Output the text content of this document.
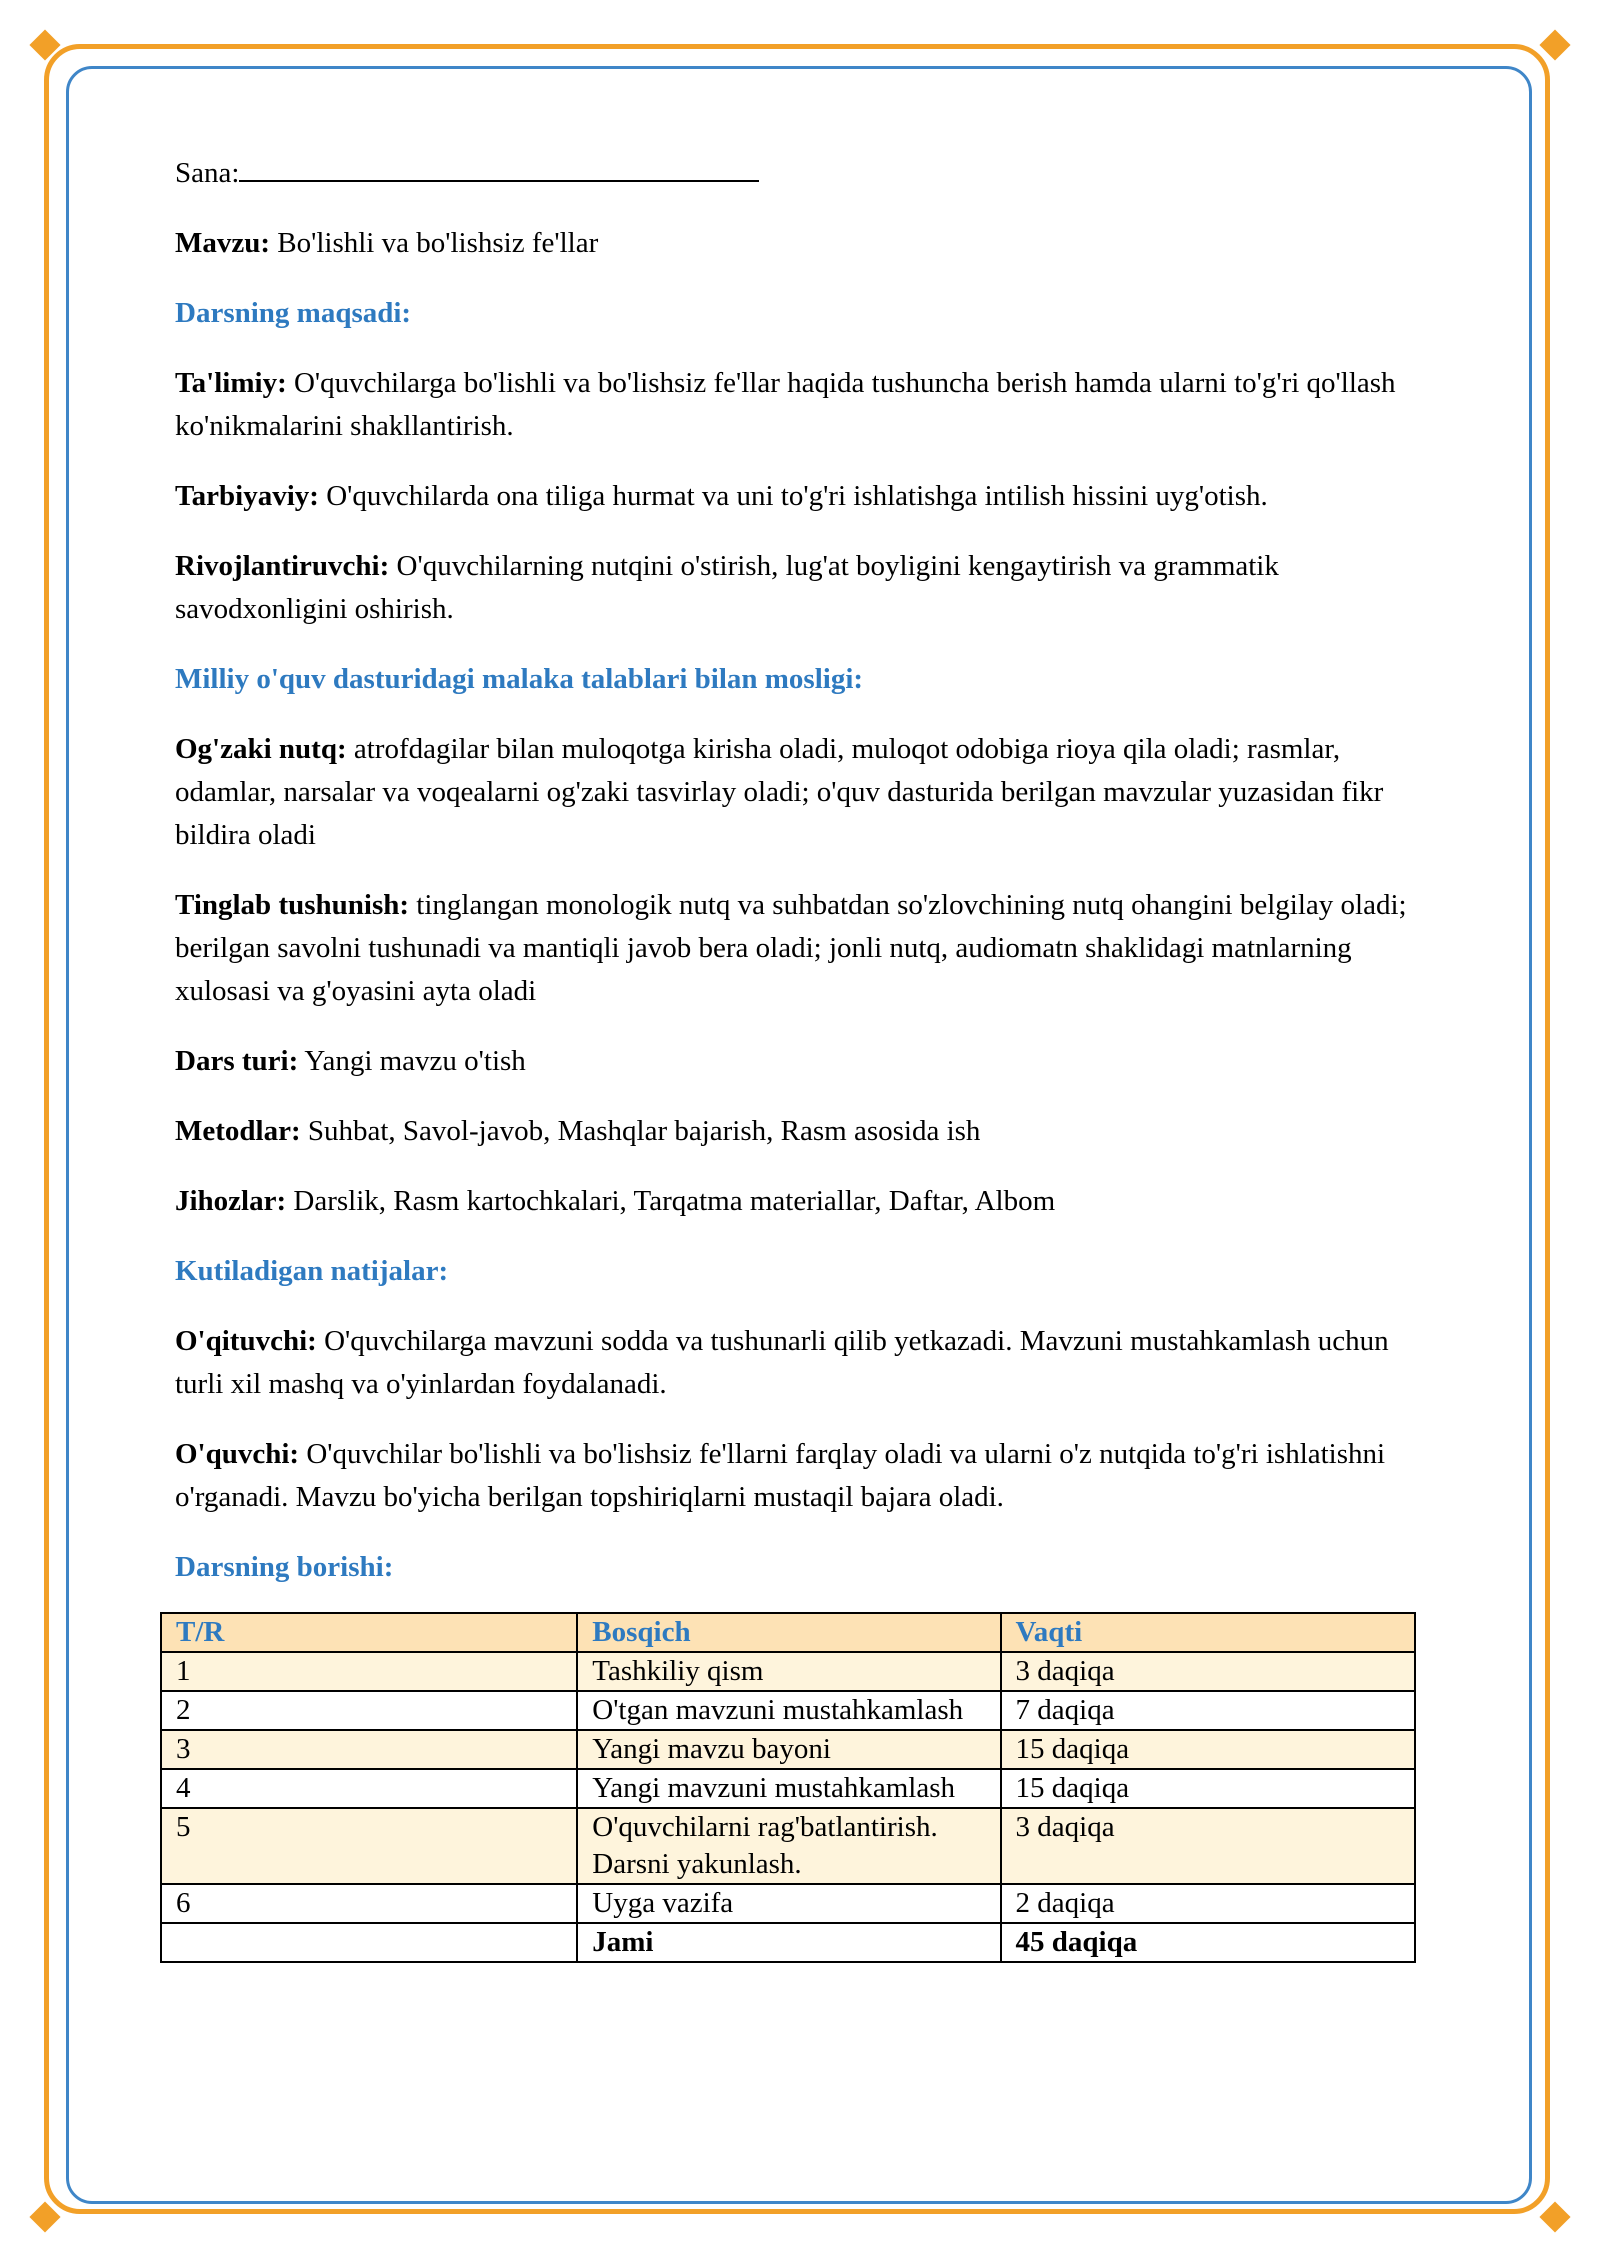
Sana:

Mavzu: Bo'lishli va bo'lishsiz fe'llar

Darsning maqsadi:

Ta'limiy: O'quvchilarga bo'lishli va bo'lishsiz fe'llar haqida tushuncha berish hamda ularni to'g'ri qo'llash ko'nikmalarini shakllantirish.

Tarbiyaviy: O'quvchilarda ona tiliga hurmat va uni to'g'ri ishlatishga intilish hissini uyg'otish.

Rivojlantiruvchi: O'quvchilarning nutqini o'stirish, lug'at boyligini kengaytirish va grammatik savodxonligini oshirish.

Milliy o'quv dasturidagi malaka talablari bilan mosligi:

Og'zaki nutq: atrofdagilar bilan muloqotga kirisha oladi, muloqot odobiga rioya qila oladi; rasmlar, odamlar, narsalar va voqealarni og'zaki tasvirlay oladi; o'quv dasturida berilgan mavzular yuzasidan fikr bildira oladi

Tinglab tushunish: tinglangan monologik nutq va suhbatdan so'zlovchining nutq ohangini belgilay oladi; berilgan savolni tushunadi va mantiqli javob bera oladi; jonli nutq, audiomatn shaklidagi matnlarning xulosasi va g'oyasini ayta oladi

Dars turi: Yangi mavzu o'tish

Metodlar: Suhbat, Savol-javob, Mashqlar bajarish, Rasm asosida ish

Jihozlar: Darslik, Rasm kartochkalari, Tarqatma materiallar, Daftar, Albom

Kutiladigan natijalar:

O'qituvchi: O'quvchilarga mavzuni sodda va tushunarli qilib yetkazadi. Mavzuni mustahkamlash uchun turli xil mashq va o'yinlardan foydalanadi.

O'quvchi: O'quvchilar bo'lishli va bo'lishsiz fe'llarni farqlay oladi va ularni o'z nutqida to'g'ri ishlatishni o'rganadi. Mavzu bo'yicha berilgan topshiriqlarni mustaqil bajara oladi.

Darsning borishi:

T/R	Bosqich	Vaqti
1	Tashkiliy qism	3 daqiqa
2	O'tgan mavzuni mustahkamlash	7 daqiqa
3	Yangi mavzu bayoni	15 daqiqa
4	Yangi mavzuni mustahkamlash	15 daqiqa
5	O'quvchilarni rag'batlantirish. Darsni yakunlash.	3 daqiqa
6	Uyga vazifa	2 daqiqa
	Jami	45 daqiqa
